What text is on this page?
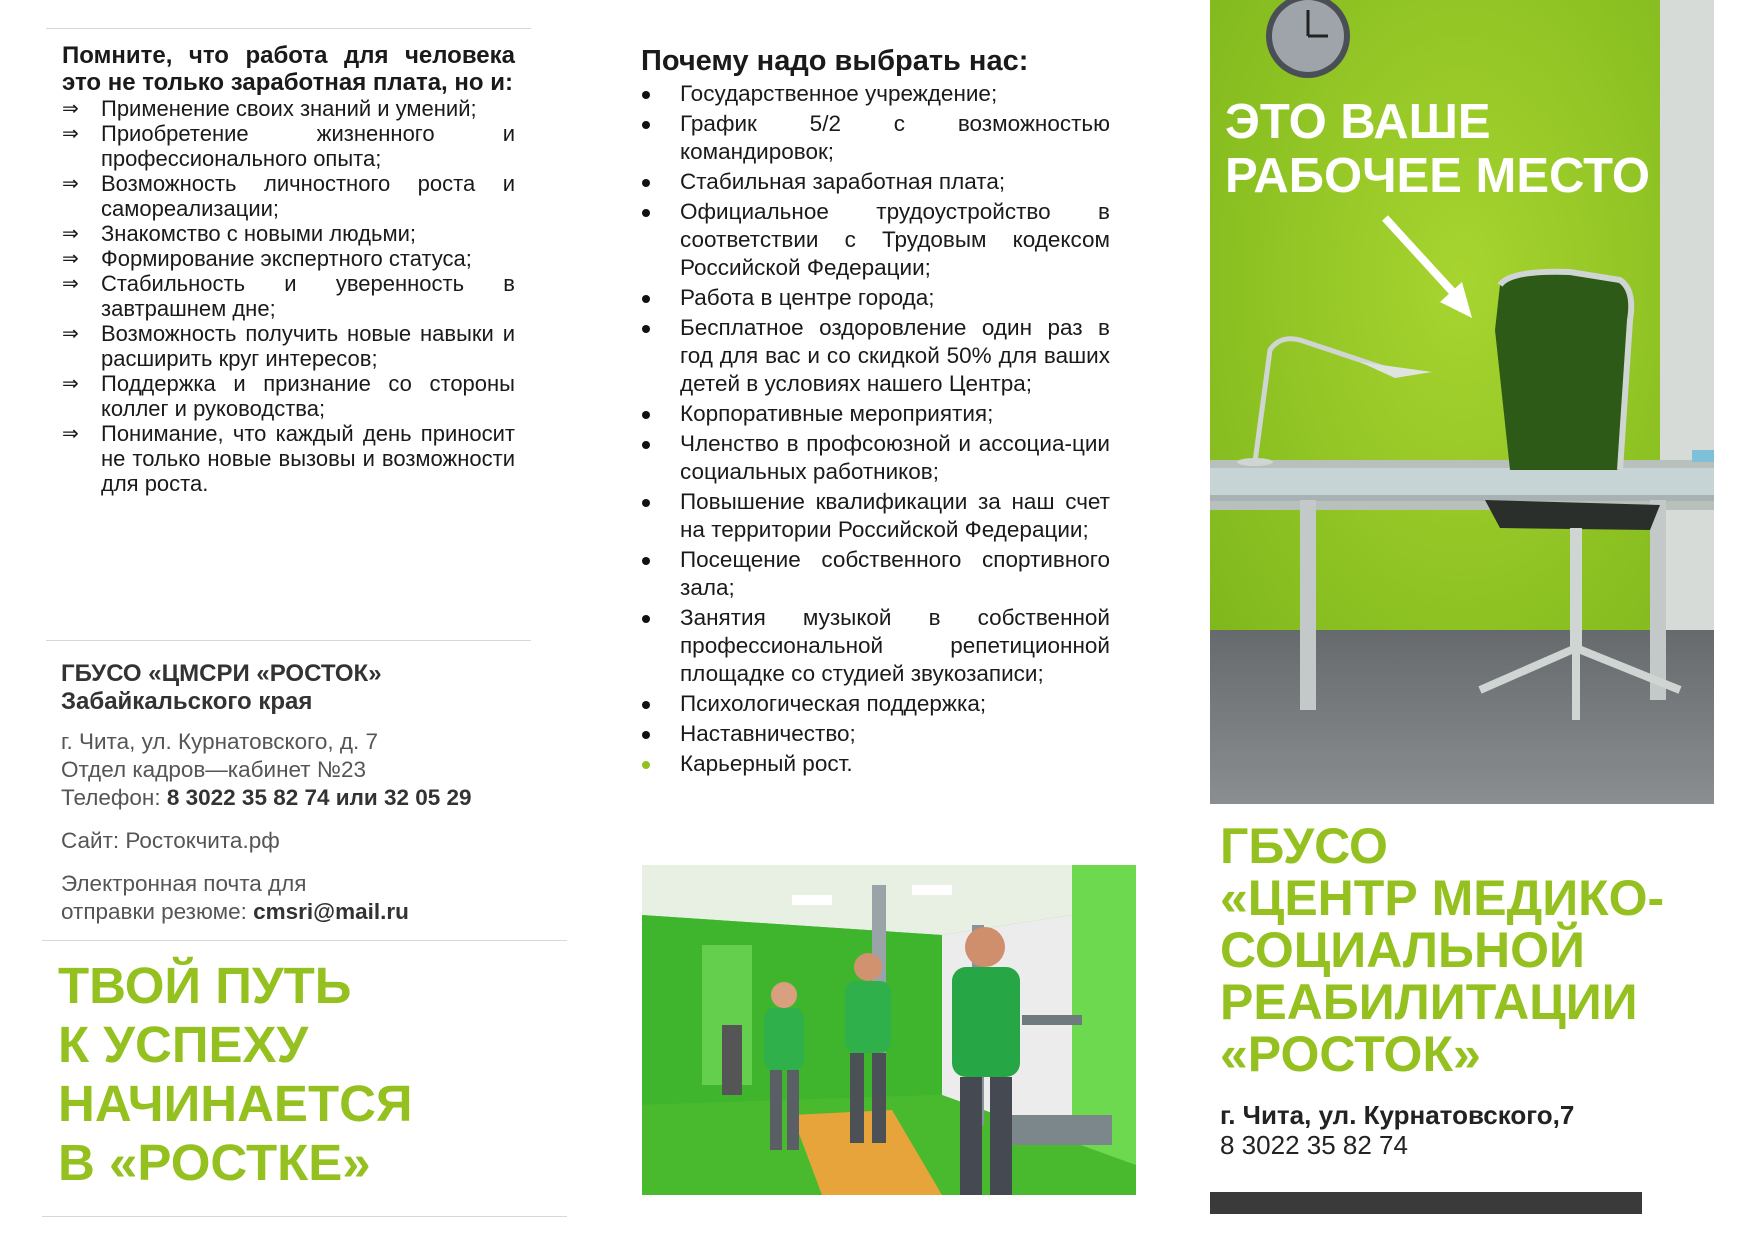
Помните, что работа для человека это не только заработная плата, но и:

⇒ Применение своих знаний и умений;
⇒ Приобретение жизненного и профессионального опыта;
⇒ Возможность личностного роста и самореализации;
⇒ Знакомство с новыми людьми;
⇒ Формирование экспертного статуса;
⇒ Стабильность и уверенность в завтрашнем дне;
⇒ Возможность получить новые навыки и расширить круг интересов;
⇒ Поддержка и признание со стороны коллег и руководства;
⇒ Понимание, что каждый день приносит не только новые вызовы и возможности для роста.
ГБУСО «ЦМСРИ «РОСТОК»
Забайкальского края

г. Чита, ул. Курнатовского, д. 7

Отдел кадров—кабинет №23

Телефон: 8 3022 35 82 74 или 32 05 29

Сайт: Ростокчита.рф

Электронная почта для

отправки резюме: cmsri@mail.ru

ТВОЙ ПУТЬ
К УСПЕХУ
НАЧИНАЕТСЯ
В «РОСТКЕ»
Почему надо выбрать нас:
Государственное учреждение;
График 5/2 с возможностью командировок;
Стабильная заработная плата;
Официальное трудоустройство в соответствии с Трудовым кодексом Российской Федерации;
Работа в центре города;
Бесплатное оздоровление один раз в год для вас и со скидкой 50% для ваших детей в условиях нашего Центра;
Корпоративные мероприятия;
Членство в профсоюзной и ассоциа-ции социальных работников;
Повышение квалификации за наш счет на территории Российской Федерации;
Посещение собственного спортивного зала;
Занятия музыкой в собственной профессиональной репетиционной площадке со студией звукозаписи;
Психологическая поддержка;
Наставничество;
Карьерный рост.
ЭТО ВАШЕ
РАБОЧЕЕ МЕСТО
ГБУСО
«ЦЕНТР МЕДИКО-
СОЦИАЛЬНОЙ
РЕАБИЛИТАЦИИ
«РОСТОК»
г. Чита, ул. Курнатовского,7
8 3022 35 82 74
